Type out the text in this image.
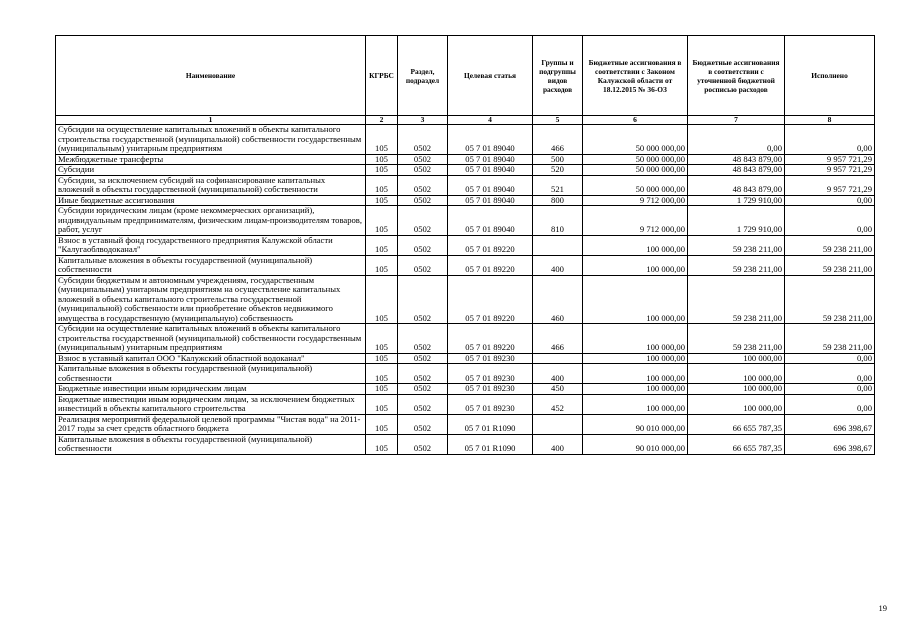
Наименование	КГРБС	Раздел, подраздел	Целевая статья	Группы и подгруппы видов расходов	Бюджетные ассигнования в соответствии с Законом Калужской области от 18.12.2015 № 36-ОЗ	Бюджетные ассигнования в соответствии с уточненной бюджетной росписью расходов	Исполнено
1	2	3	4	5	6	7	8
Субсидии на осуществление капитальных вложений в объекты капитального строительства государственной (муниципальной) собственности государственным (муниципальным) унитарным предприятиям	105	0502	05 7 01 89040	466	50 000 000,00	0,00	0,00
Межбюджетные трансферты	105	0502	05 7 01 89040	500	50 000 000,00	48 843 879,00	9 957 721,29
Субсидии	105	0502	05 7 01 89040	520	50 000 000,00	48 843 879,00	9 957 721,29
Субсидии, за исключением субсидий на софинансирование капитальных вложений в объекты государственной (муниципальной) собственности	105	0502	05 7 01 89040	521	50 000 000,00	48 843 879,00	9 957 721,29
Иные бюджетные ассигнования	105	0502	05 7 01 89040	800	9 712 000,00	1 729 910,00	0,00
Субсидии юридическим лицам (кроме некоммерческих организаций), индивидуальным предпринимателям, физическим лицам-производителям товаров, работ, услуг	105	0502	05 7 01 89040	810	9 712 000,00	1 729 910,00	0,00
Взнос в уставный фонд государственного предприятия Калужской области "Калугаоблводоканал"	105	0502	05 7 01 89220		100 000,00	59 238 211,00	59 238 211,00
Капитальные вложения в объекты государственной (муниципальной) собственности	105	0502	05 7 01 89220	400	100 000,00	59 238 211,00	59 238 211,00
Субсидии бюджетным и автономным учреждениям, государственным (муниципальным) унитарным предприятиям на осуществление капитальных вложений в объекты капитального строительства государственной (муниципальной) собственности или приобретение объектов недвижимого имущества в государственную (муниципальную) собственность	105	0502	05 7 01 89220	460	100 000,00	59 238 211,00	59 238 211,00
Субсидии на осуществление капитальных вложений в объекты капитального строительства государственной (муниципальной) собственности государственным (муниципальным) унитарным предприятиям	105	0502	05 7 01 89220	466	100 000,00	59 238 211,00	59 238 211,00
Взнос в уставный капитал ООО "Калужский областной водоканал"	105	0502	05 7 01 89230		100 000,00	100 000,00	0,00
Капитальные вложения в объекты государственной (муниципальной) собственности	105	0502	05 7 01 89230	400	100 000,00	100 000,00	0,00
Бюджетные инвестиции иным юридическим лицам	105	0502	05 7 01 89230	450	100 000,00	100 000,00	0,00
Бюджетные инвестиции иным юридическим лицам, за исключением бюджетных инвестиций в объекты капитального строительства	105	0502	05 7 01 89230	452	100 000,00	100 000,00	0,00
Реализация мероприятий федеральной целевой программы "Чистая вода" на 2011-2017 годы за счет средств областного бюджета	105	0502	05 7 01 R1090		90 010 000,00	66 655 787,35	696 398,67
Капитальные вложения в объекты государственной (муниципальной) собственности	105	0502	05 7 01 R1090	400	90 010 000,00	66 655 787,35	696 398,67
19
